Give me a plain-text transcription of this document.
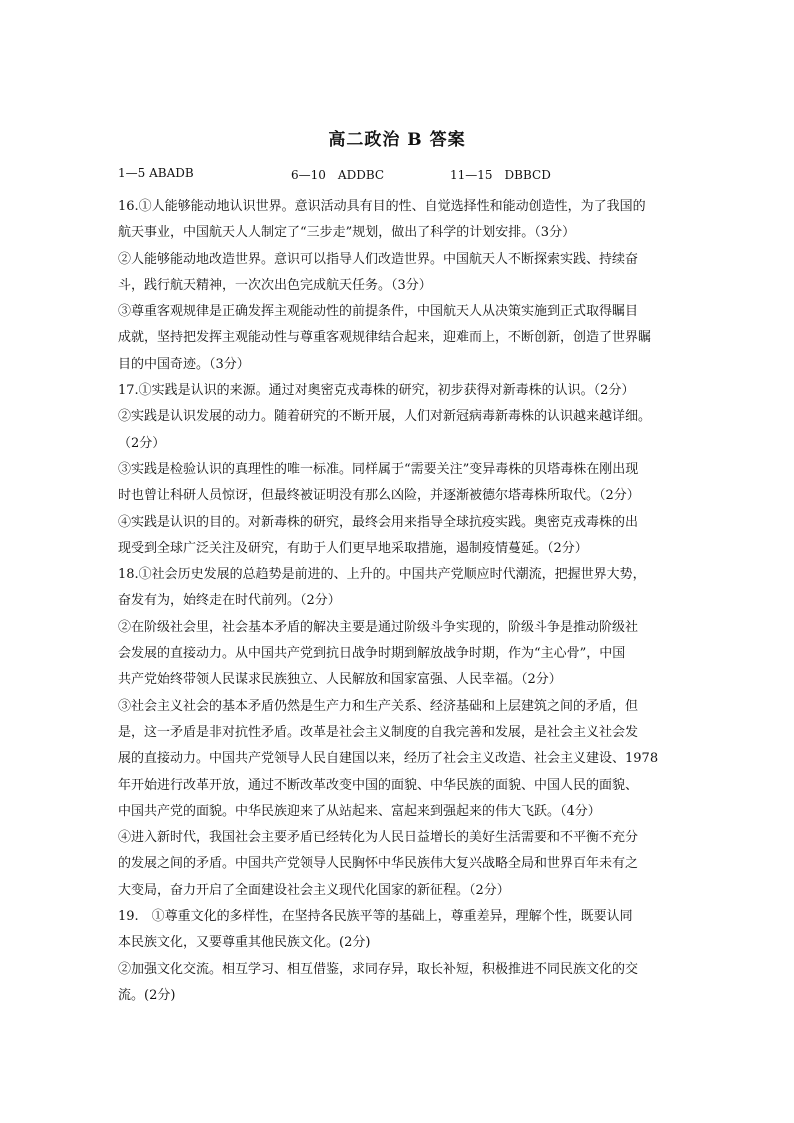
高二政治 B 答案
1—5 ABADB	6—10　ADDBC	11—15　DBBCD
16.①人能够能动地认识世界。意识活动具有目的性、自觉选择性和能动创造性，为了我国的
航天事业，中国航天人人制定了“三步走”规划，做出了科学的计划安排。（3分）
②人能够能动地改造世界。意识可以指导人们改造世界。中国航天人不断探索实践、持续奋
斗，践行航天精神，一次次出色完成航天任务。（3分）
③尊重客观规律是正确发挥主观能动性的前提条件，中国航天人从决策实施到正式取得瞩目
成就，坚持把发挥主观能动性与尊重客观规律结合起来，迎难而上，不断创新，创造了世界瞩
目的中国奇迹。（3分）
17.①实践是认识的来源。通过对奥密克戎毒株的研究，初步获得对新毒株的认识。（2分）
②实践是认识发展的动力。随着研究的不断开展，人们对新冠病毒新毒株的认识越来越详细。
（2分）
③实践是检验认识的真理性的唯一标准。同样属于“需要关注”变异毒株的贝塔毒株在刚出现
时也曾让科研人员惊讶，但最终被证明没有那么凶险，并逐渐被德尔塔毒株所取代。（2分）
④实践是认识的目的。对新毒株的研究，最终会用来指导全球抗疫实践。奥密克戎毒株的出
现受到全球广泛关注及研究，有助于人们更早地采取措施，遏制疫情蔓延。（2分）
18.①社会历史发展的总趋势是前进的、上升的。中国共产党顺应时代潮流，把握世界大势，
奋发有为，始终走在时代前列。（2分）
②在阶级社会里，社会基本矛盾的解决主要是通过阶级斗争实现的，阶级斗争是推动阶级社
会发展的直接动力。从中国共产党到抗日战争时期到解放战争时期，作为“主心骨”，中国
共产党始终带领人民谋求民族独立、人民解放和国家富强、人民幸福。（2分）
③社会主义社会的基本矛盾仍然是生产力和生产关系、经济基础和上层建筑之间的矛盾，但
是，这一矛盾是非对抗性矛盾。改革是社会主义制度的自我完善和发展，是社会主义社会发
展的直接动力。中国共产党领导人民自建国以来，经历了社会主义改造、社会主义建设、1978
年开始进行改革开放，通过不断改革改变中国的面貌、中华民族的面貌、中国人民的面貌、
中国共产党的面貌。中华民族迎来了从站起来、富起来到强起来的伟大飞跃。（4分）
④进入新时代，我国社会主要矛盾已经转化为人民日益增长的美好生活需要和不平衡不充分
的发展之间的矛盾。中国共产党领导人民胸怀中华民族伟大复兴战略全局和世界百年未有之
大变局，奋力开启了全面建设社会主义现代化国家的新征程。（2分）
19.　①尊重文化的多样性，在坚持各民族平等的基础上，尊重差异，理解个性，既要认同
本民族文化，又要尊重其他民族文化。(2分)
②加强文化交流。相互学习、相互借鉴，求同存异，取长补短，积极推进不同民族文化的交
流。(2分)
